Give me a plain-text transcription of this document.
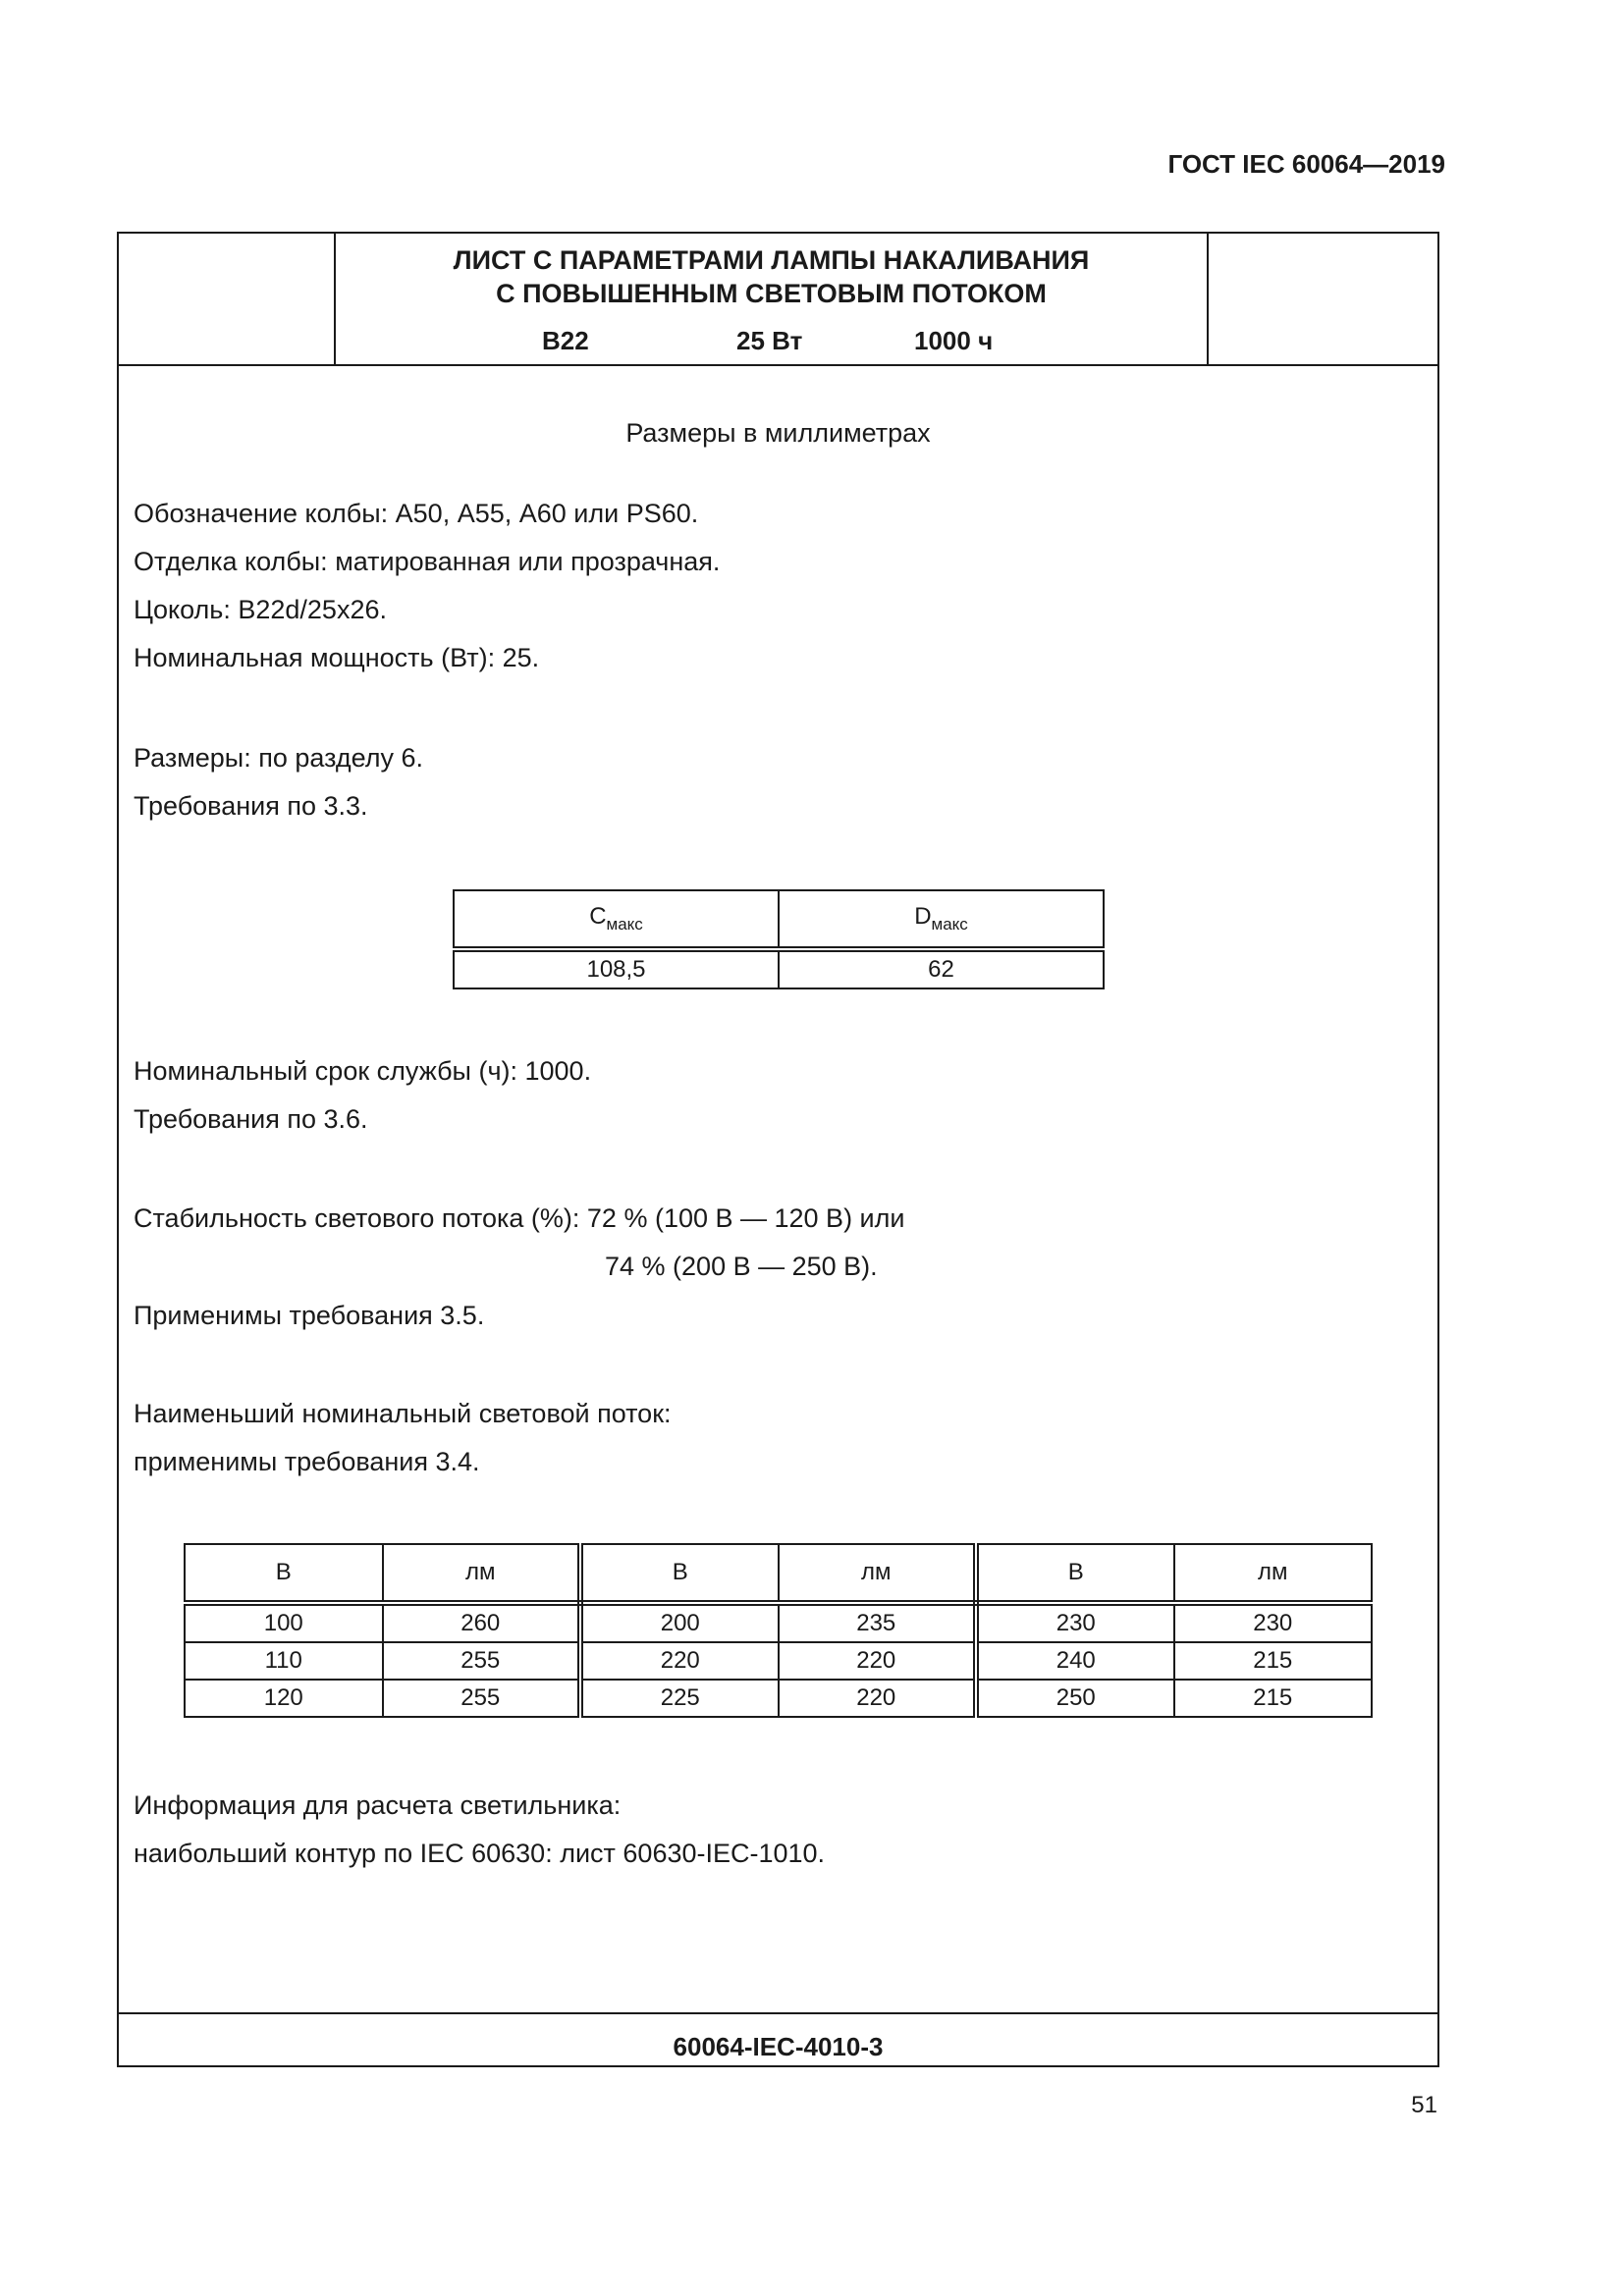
ГОСТ IEC 60064—2019
ЛИСТ С ПАРАМЕТРАМИ ЛАМПЫ НАКАЛИВАНИЯ
С ПОВЫШЕННЫМ СВЕТОВЫМ ПОТОКОМ
B22	25 Вт	1000 ч
Размеры в миллиметрах
Обозначение колбы: А50, А55, А60 или PS60.
Отделка колбы: матированная или прозрачная.
Цоколь: B22d/25x26.
Номинальная мощность (Вт): 25.
Размеры: по разделу 6.
Требования по 3.3.
$C_{макс}$	$D_{макс}$
108,5	62
Номинальный срок службы (ч): 1000.
Требования по 3.6.
Стабильность светового потока (%): 72 % (100 В — 120 В) или
74 % (200 В — 250 В).
Применимы требования 3.5.
Наименьший номинальный световой поток:
применимы требования 3.4.
В	лм	В	лм	В	лм
100	260	200	235	230	230
110	255	220	220	240	215
120	255	225	220	250	215
Информация для расчета светильника:
наибольший контур по IEC 60630: лист 60630-IEC-1010.
60064-IEC-4010-3
51
